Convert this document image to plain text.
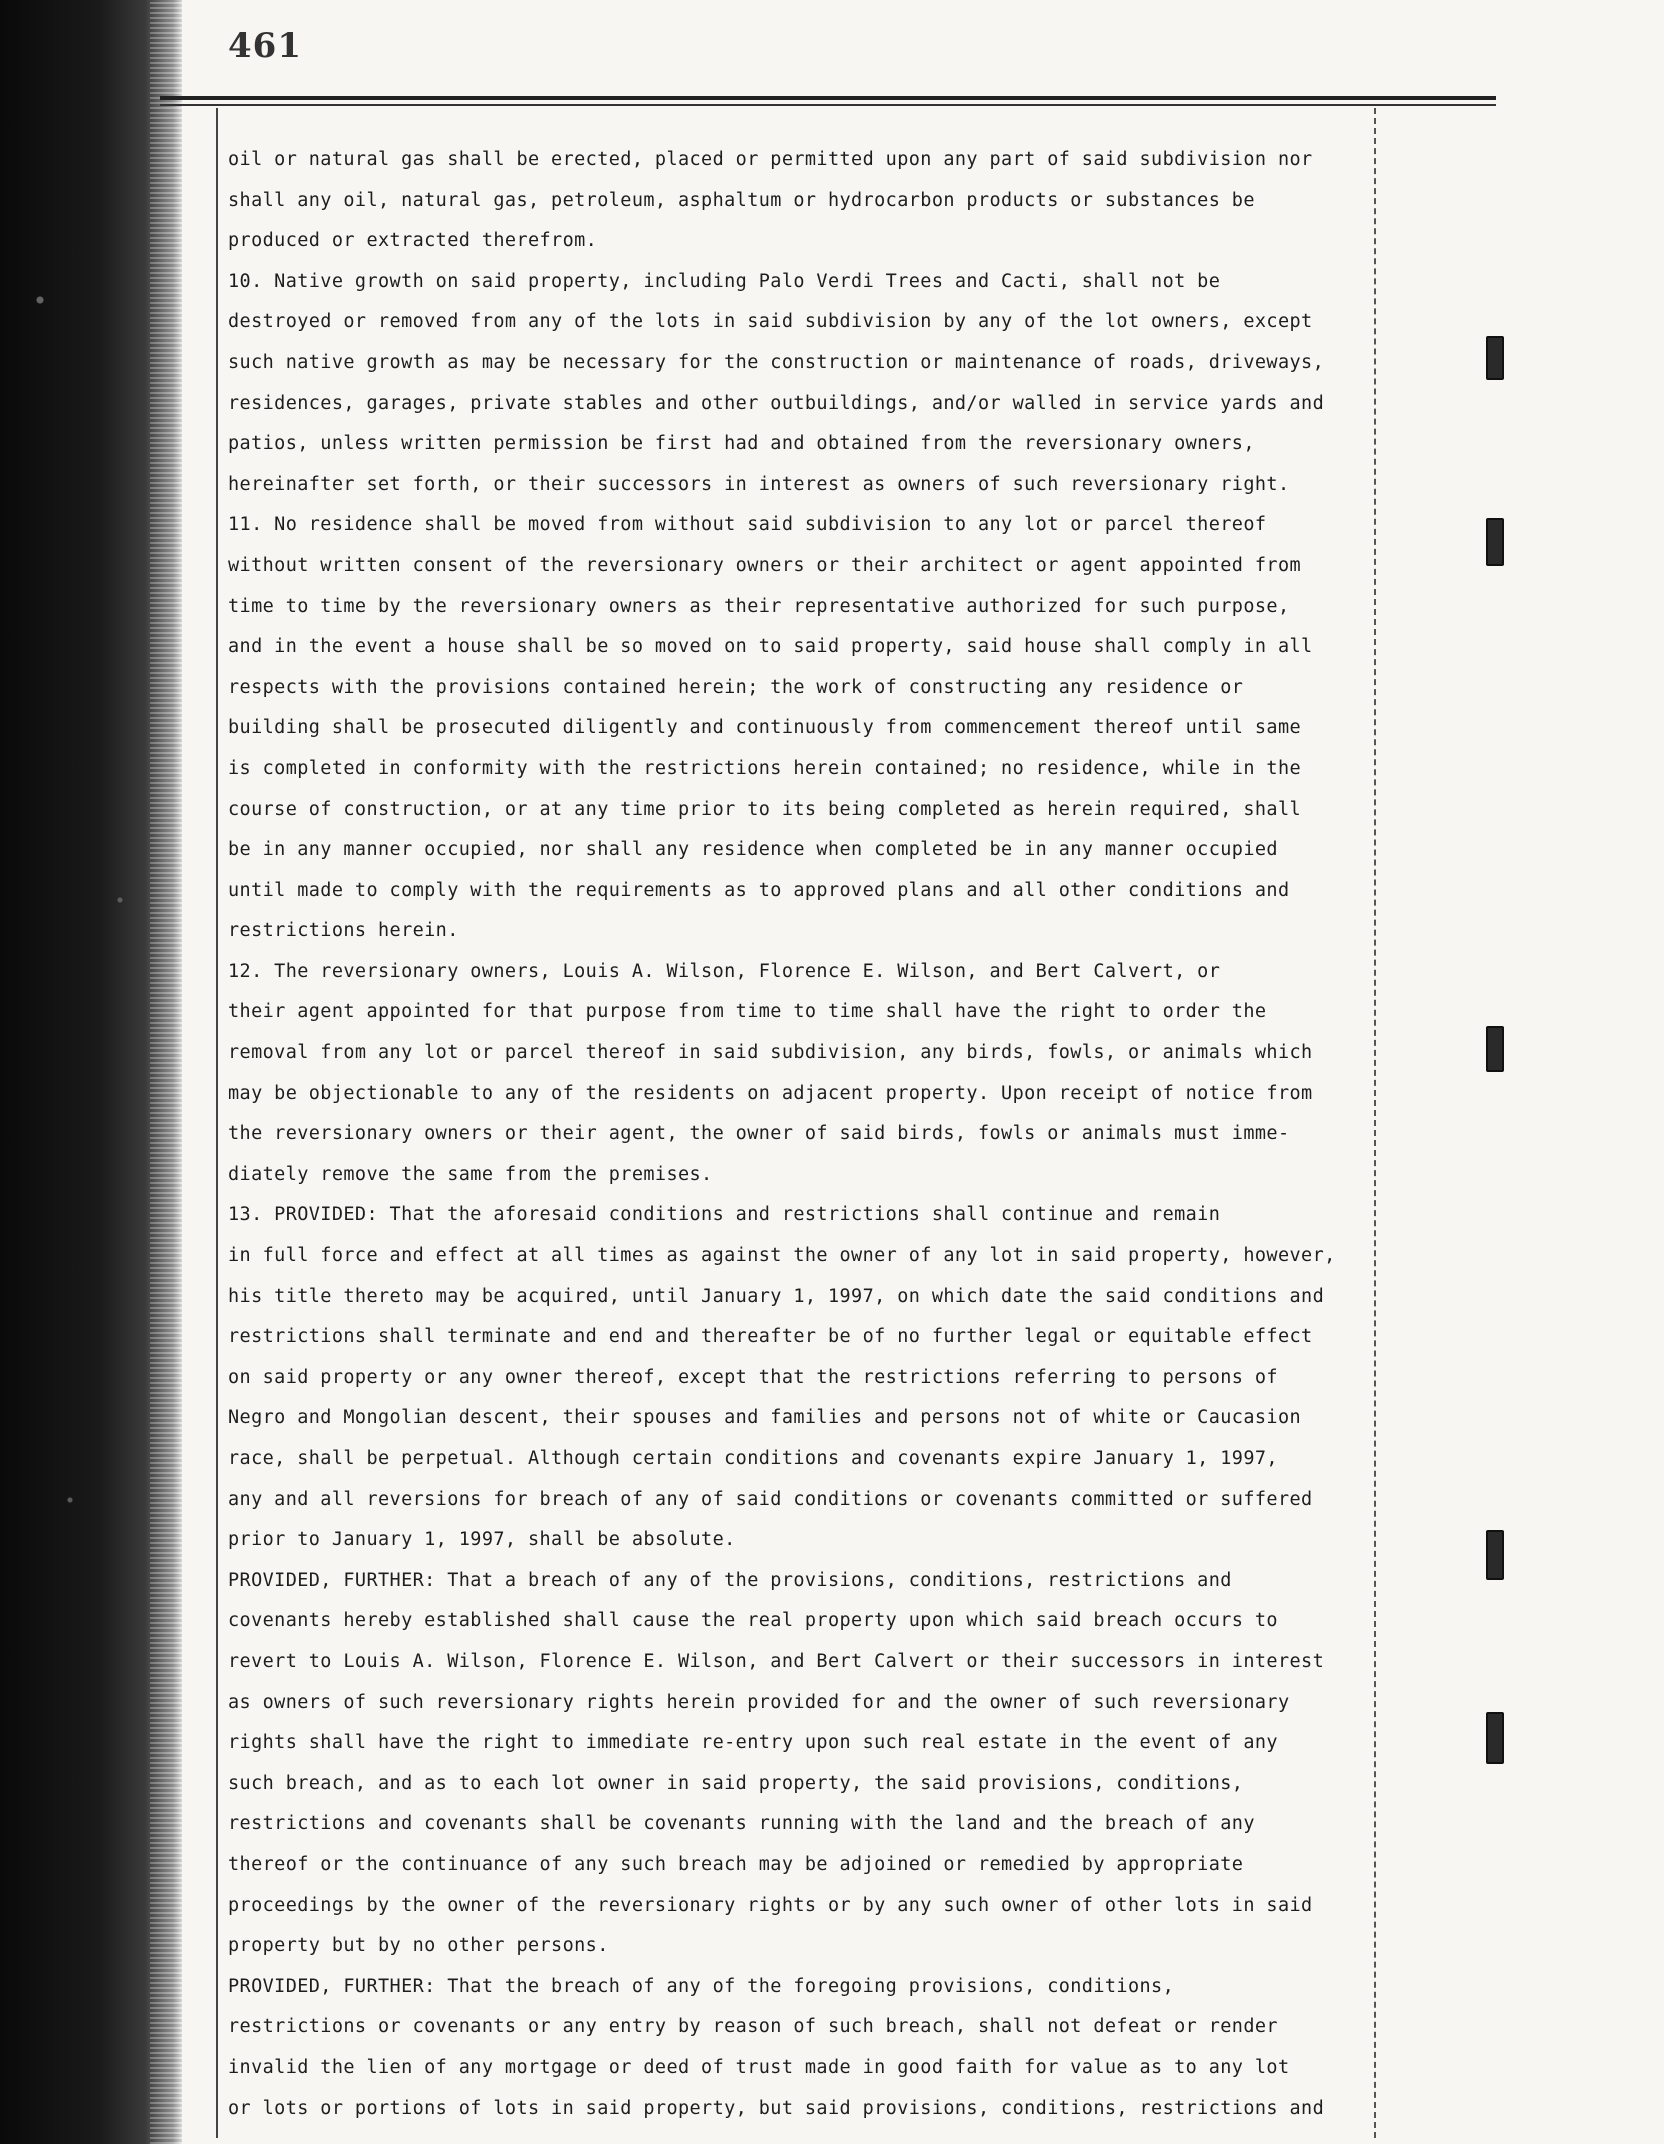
461
oil or natural gas shall be erected, placed or permitted upon any part of said subdivision nor
shall any oil, natural gas, petroleum, asphaltum or hydrocarbon products or substances be
produced or extracted therefrom.
10. Native growth on said property, including Palo Verdi Trees and Cacti, shall not be
destroyed or removed from any of the lots in said subdivision by any of the lot owners, except
such native growth as may be necessary for the construction or maintenance of roads, driveways,
residences, garages, private stables and other outbuildings, and/or walled in service yards and
patios, unless written permission be first had and obtained from the reversionary owners,
hereinafter set forth, or their successors in interest as owners of such reversionary right.
11. No residence shall be moved from without said subdivision to any lot or parcel thereof
without written consent of the reversionary owners or their architect or agent appointed from
time to time by the reversionary owners as their representative authorized for such purpose,
and in the event a house shall be so moved on to said property, said house shall comply in all
respects with the provisions contained herein; the work of constructing any residence or
building shall be prosecuted diligently and continuously from commencement thereof until same
is completed in conformity with the restrictions herein contained; no residence, while in the
course of construction, or at any time prior to its being completed as herein required, shall
be in any manner occupied, nor shall any residence when completed be in any manner occupied
until made to comply with the requirements as to approved plans and all other conditions and
restrictions herein.
12. The reversionary owners, Louis A. Wilson, Florence E. Wilson, and Bert Calvert, or
their agent appointed for that purpose from time to time shall have the right to order the
removal from any lot or parcel thereof in said subdivision, any birds, fowls, or animals which
may be objectionable to any of the residents on adjacent property. Upon receipt of notice from
the reversionary owners or their agent, the owner of said birds, fowls or animals must imme-
diately remove the same from the premises.
13. PROVIDED: That the aforesaid conditions and restrictions shall continue and remain
in full force and effect at all times as against the owner of any lot in said property, however,
his title thereto may be acquired, until January 1, 1997, on which date the said conditions and
restrictions shall terminate and end and thereafter be of no further legal or equitable effect
on said property or any owner thereof, except that the restrictions referring to persons of
Negro and Mongolian descent, their spouses and families and persons not of white or Caucasion
race, shall be perpetual. Although certain conditions and covenants expire January 1, 1997,
any and all reversions for breach of any of said conditions or covenants committed or suffered
prior to January 1, 1997, shall be absolute.
PROVIDED, FURTHER: That a breach of any of the provisions, conditions, restrictions and
covenants hereby established shall cause the real property upon which said breach occurs to
revert to Louis A. Wilson, Florence E. Wilson, and Bert Calvert or their successors in interest
as owners of such reversionary rights herein provided for and the owner of such reversionary
rights shall have the right to immediate re-entry upon such real estate in the event of any
such breach, and as to each lot owner in said property, the said provisions, conditions,
restrictions and covenants shall be covenants running with the land and the breach of any
thereof or the continuance of any such breach may be adjoined or remedied by appropriate
proceedings by the owner of the reversionary rights or by any such owner of other lots in said
property but by no other persons.
PROVIDED, FURTHER: That the breach of any of the foregoing provisions, conditions,
restrictions or covenants or any entry by reason of such breach, shall not defeat or render
invalid the lien of any mortgage or deed of trust made in good faith for value as to any lot
or lots or portions of lots in said property, but said provisions, conditions, restrictions and
